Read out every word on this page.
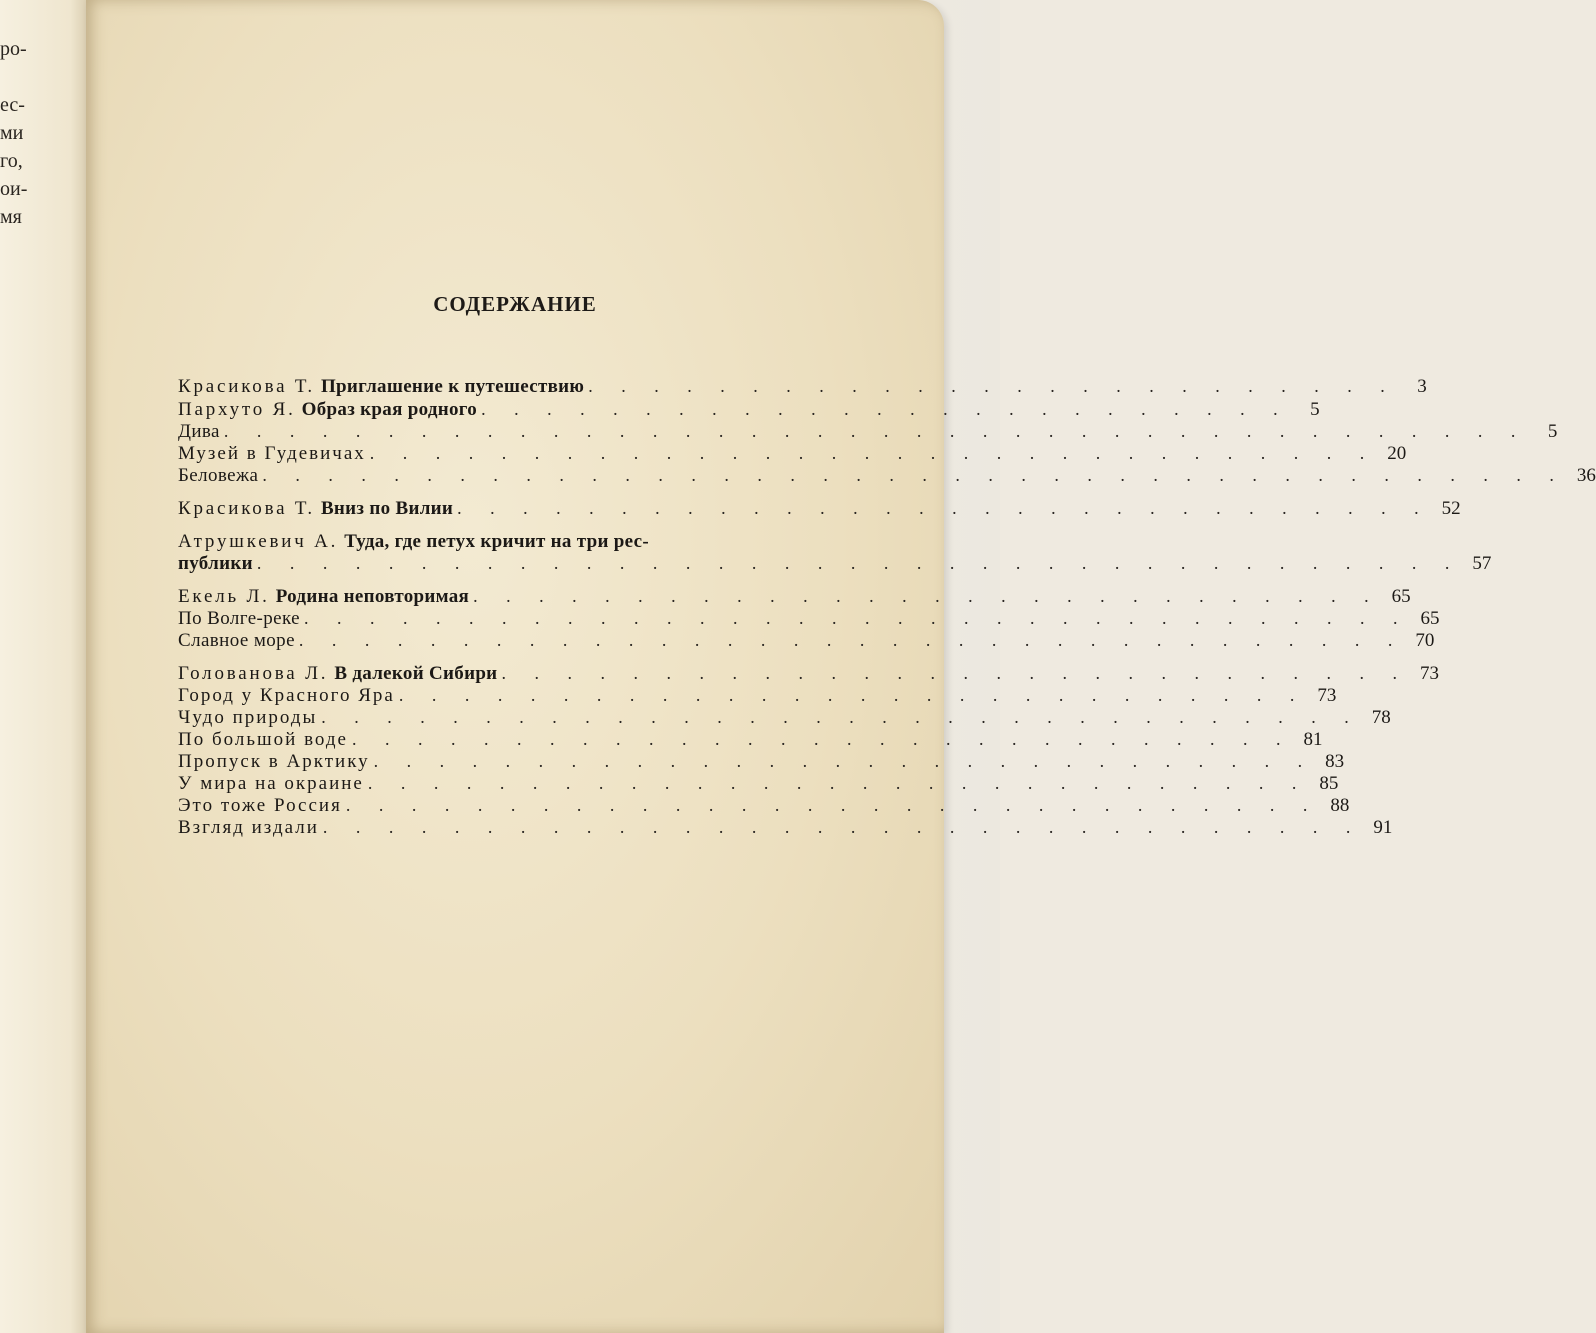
ро-
ес-
ми
го,
ои-
мя
СОДЕРЖАНИЕ
Красикова Т. Приглашение к путешествию . . . . . . . . . . . . . . . . . . . . . . . . .	3
Пархуто Я. Образ края родного . . . . . . . . . . . . . . . . . . . . . . . . .	5
Дива . . . . . . . . . . . . . . . . . . . . . . . . . . . . . . . . . . . . . . . .	5
Музей в Гудевичах . . . . . . . . . . . . . . . . . . . . . . . . . . . . . . . 20
Беловежа . . . . . . . . . . . . . . . . . . . . . . . . . . . . . . . . . . . . . . . . 36
Красикова Т. Вниз по Вилии . . . . . . . . . . . . . . . . . . . . . . . . . . . . . . 52
Атрушкевич А. Туда, где петух кричит на три рес-
публики . . . . . . . . . . . . . . . . . . . . . . . . . . . . . . . . . . . . . 57
Екель Л. Родина неповторимая . . . . . . . . . . . . . . . . . . . . . . . . . . . . 65
По Волге-реке . . . . . . . . . . . . . . . . . . . . . . . . . . . . . . . . . . 65
Славное море . . . . . . . . . . . . . . . . . . . . . . . . . . . . . . . . . . 70
Голованова Л. В далекой Сибири . . . . . . . . . . . . . . . . . . . . . . . . . . . . 73
Город у Красного Яра . . . . . . . . . . . . . . . . . . . . . . . . . . . . 73
Чудо природы . . . . . . . . . . . . . . . . . . . . . . . . . . . . . . . . 78
По большой воде . . . . . . . . . . . . . . . . . . . . . . . . . . . . . 81
Пропуск в Арктику . . . . . . . . . . . . . . . . . . . . . . . . . . . . . 83
У мира на окраине . . . . . . . . . . . . . . . . . . . . . . . . . . . . . 85
Это тоже Россия . . . . . . . . . . . . . . . . . . . . . . . . . . . . . . 88
Взгляд издали . . . . . . . . . . . . . . . . . . . . . . . . . . . . . . . . 91
